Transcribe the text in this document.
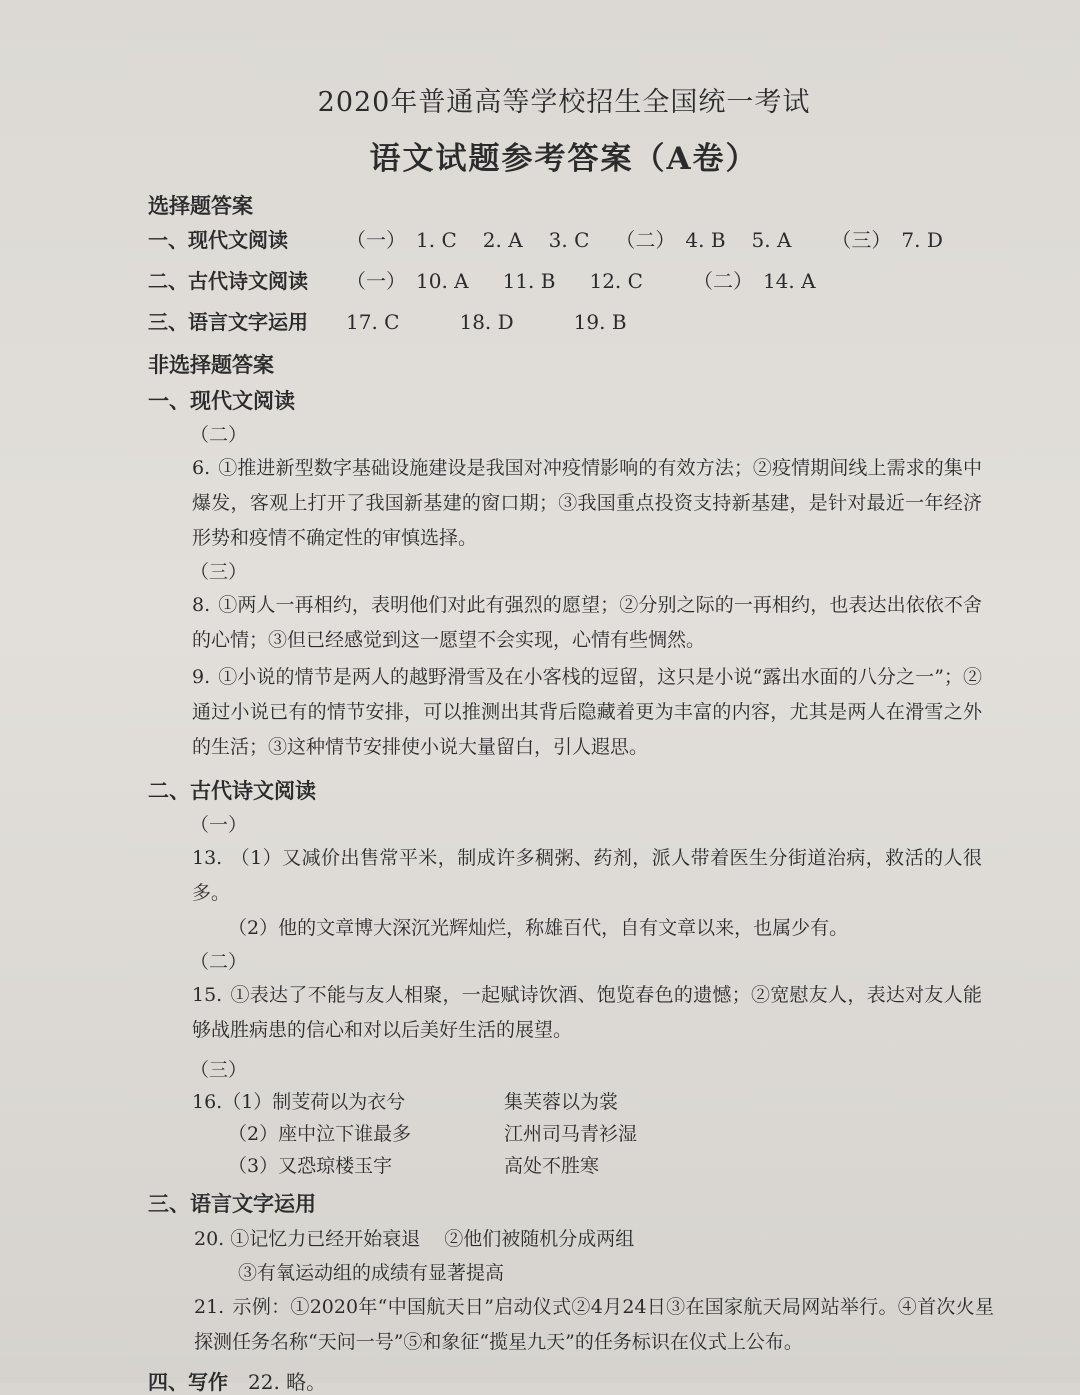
2020年普通高等学校招生全国统一考试
语文试题参考答案（A卷）
选择题答案
一、现代文阅读	（一） 1. C 2. A 3. C （二） 4. B 5. A （三） 7. D
二、古代诗文阅读	（一） 10. A 11. B 12. C	（二） 14. A
三、语言文字运用	17. C	18. D	19. B
非选择题答案
一、现代文阅读
（二）
6. ①推进新型数字基础设施建设是我国对冲疫情影响的有效方法；②疫情期间线上需求的集中爆发，客观上打开了我国新基建的窗口期；③我国重点投资支持新基建，是针对最近一年经济形势和疫情不确定性的审慎选择。
（三）
8. ①两人一再相约，表明他们对此有强烈的愿望；②分别之际的一再相约，也表达出依依不舍的心情；③但已经感觉到这一愿望不会实现，心情有些惆然。
9. ①小说的情节是两人的越野滑雪及在小客栈的逗留，这只是小说“露出水面的八分之一”；②通过小说已有的情节安排，可以推测出其背后隐藏着更为丰富的内容，尤其是两人在滑雪之外的生活；③这种情节安排使小说大量留白，引人遐思。
二、古代诗文阅读
（一）
13. （1）又减价出售常平米，制成许多稠粥、药剂，派人带着医生分街道治病，救活的人很多。
（2）他的文章博大深沉光辉灿烂，称雄百代，自有文章以来，也属少有。
（二）
15. ①表达了不能与友人相聚，一起赋诗饮酒、饱览春色的遗憾；②宽慰友人，表达对友人能够战胜病患的信心和对以后美好生活的展望。
（三）
16.（1）制芰荷以为衣兮	集芙蓉以为裳
（2）座中泣下谁最多	江州司马青衫湿
（3）又恐琼楼玉宇	高处不胜寒
三、语言文字运用
20. ①记忆力已经开始衰退 ②他们被随机分成两组
③有氧运动组的成绩有显著提高
21. 示例：①2020年“中国航天日”启动仪式②4月24日③在国家航天局网站举行。④首次火星探测任务名称“天问一号”⑤和象征“揽星九天”的任务标识在仪式上公布。
四、写作 22. 略。
